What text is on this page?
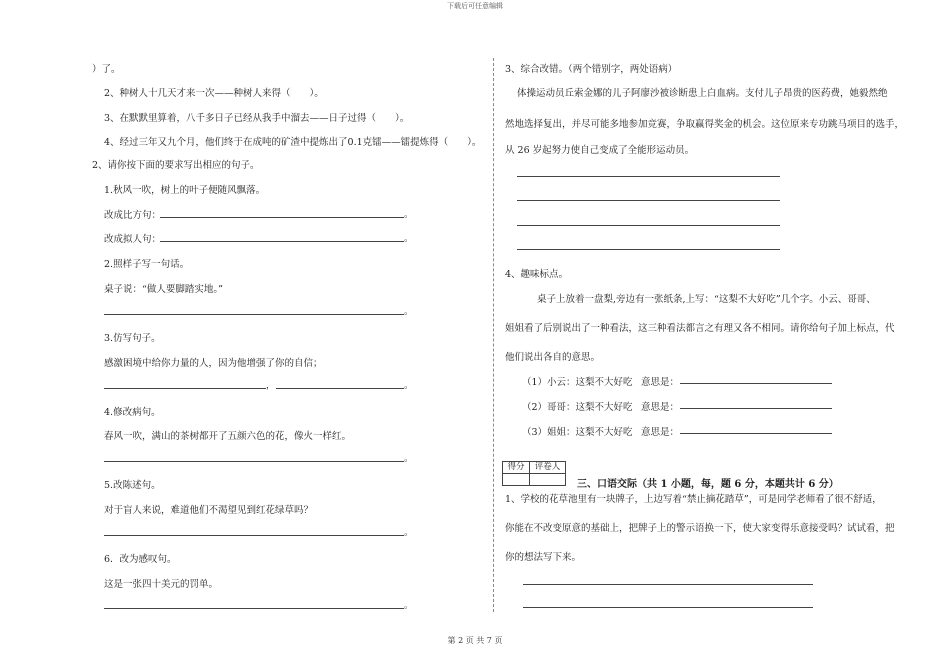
下载后可任意编辑
）了。
2、种树人十几天才来一次——种树人来得（　　）。
3、在默默里算着，八千多日子已经从我手中溜去——日子过得（　　）。
4、经过三年又九个月，他们终于在成吨的矿渣中提炼出了0.1克镭——镭提炼得（　　）。
2、请你按下面的要求写出相应的句子。
1.秋风一吹，树上的叶子便随风飘落。
改成比方句：	。
改成拟人句：	。
2.照样子写一句话。
桌子说：“做人要脚踏实地。”
。
3.仿写句子。
感激困境中给你力量的人，因为他增强了你的自信；
，	。
4.修改病句。
春风一吹，满山的茶树都开了五颜六色的花，像火一样红。
。
5.改陈述句。
对于盲人来说，难道他们不渴望见到红花绿草吗？
。
6．改为感叹句。
这是一张四十美元的罚单。
。
3、综合改错。（两个错别字，两处语病）
体操运动员丘索金娜的儿子阿廖沙被诊断患上白血病。支付儿子昂贵的医药费，她毅然绝
然地选择复出，并尽可能多地参加竞赛，争取赢得奖金的机会。这位原来专功跳马项目的选手，
从 26 岁起努力使自己变成了全能形运动员。
4、趣味标点。
桌子上放着一盘梨,旁边有一张纸条,上写：“这梨不大好吃”几个字。小云、哥哥、
姐姐看了后别说出了一种看法，这三种看法都言之有理又各不相同。请你给句子加上标点，代
他们说出各自的意思。
（1）小云：这梨不大好吃 意思是：
（2）哥哥：这梨不大好吃 意思是：
（3）姐姐：这梨不大好吃 意思是：
得分	评卷人
三、口语交际（共 1 小题，每，题 6 分，本题共计 6 分）
1、学校的花草池里有一块牌子，上边写着“禁止摘花踏草”，可是同学老师看了很不舒适，
你能在不改变原意的基础上，把牌子上的警示语换一下，使大家变得乐意接受吗？试试看，把
你的想法写下来。
第 2 页 共 7 页
